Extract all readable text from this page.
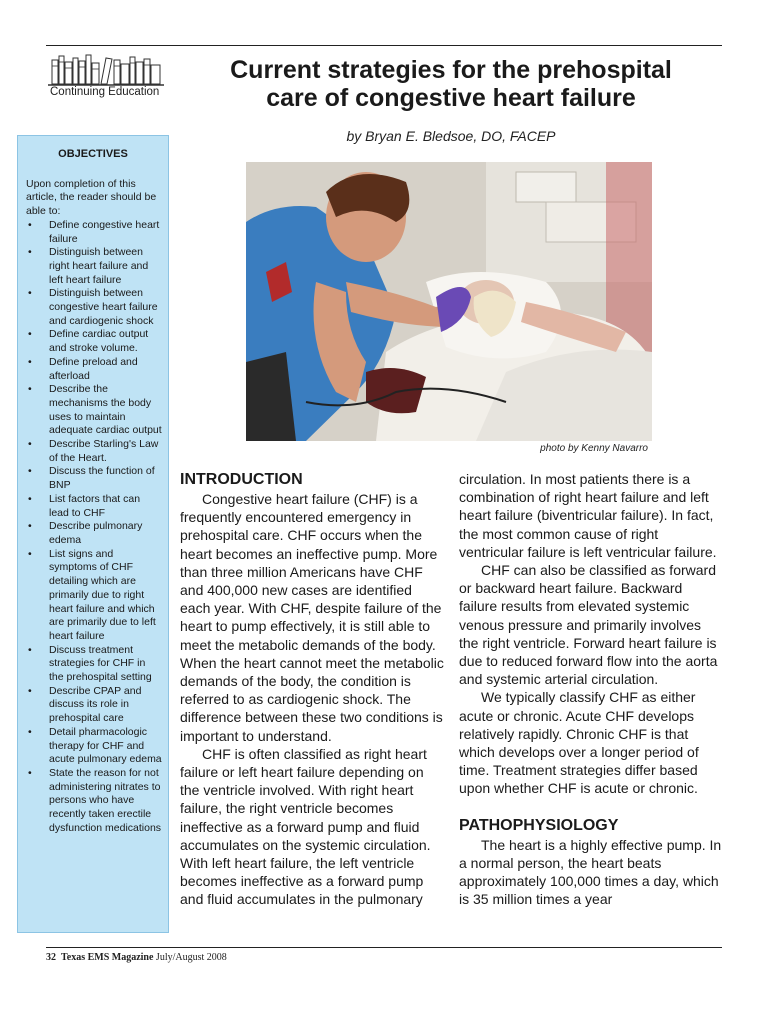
Continuing Education
Current strategies for the prehospital
care of congestive heart failure
by Bryan E. Bledsoe, DO, FACEP
OBJECTIVES
Upon completion of this article, the reader should be able to:
• Define congestive heart failure
• Distinguish between right heart failure and left heart failure
• Distinguish between congestive heart failure and cardiogenic shock
• Define cardiac output and stroke volume.
• Define preload and afterload
• Describe the mechanisms the body uses to maintain adequate cardiac output
• Describe Starling's Law of the Heart.
• Discuss the function of BNP
• List factors that can lead to CHF
• Describe pulmonary edema
• List signs and symptoms of CHF detailing which are primarily due to right heart failure and which are primarily due to left heart failure
• Discuss treatment strategies for CHF in the prehospital setting
• Describe CPAP and discuss its role in prehospital care
• Detail pharmacologic therapy for CHF and acute pulmonary edema
• State the reason for not administering nitrates to persons who have recently taken erectile dysfunction medications
photo by Kenny Navarro
INTRODUCTION

Congestive heart failure (CHF) is a frequently encountered emergency in prehospital care. CHF occurs when the heart becomes an ineffective pump. More than three million Americans have CHF and 400,000 new cases are identified each year. With CHF, despite failure of the heart to pump effectively, it is still able to meet the metabolic demands of the body. When the heart cannot meet the metabolic demands of the body, the condition is referred to as cardiogenic shock. The difference between these two conditions is important to understand.

CHF is often classified as right heart failure or left heart failure depending on the ventricle involved. With right heart failure, the right ventricle becomes ineffective as a forward pump and fluid accumulates on the systemic circulation. With left heart failure, the left ventricle becomes ineffective as a forward pump and fluid accumulates in the pulmonary

circulation. In most patients there is a combination of right heart failure and left heart failure (biventricular failure). In fact, the most common cause of right ventricular failure is left ventricular failure.

CHF can also be classified as forward or backward heart failure. Backward failure results from elevated systemic venous pressure and primarily involves the right ventricle. Forward heart failure is due to reduced forward flow into the aorta and systemic arterial circulation.

We typically classify CHF as either acute or chronic. Acute CHF develops relatively rapidly. Chronic CHF is that which develops over a longer period of time. Treatment strategies differ based upon whether CHF is acute or chronic.

PATHOPHYSIOLOGY

The heart is a highly effective pump. In a normal person, the heart beats approximately 100,000 times a day, which is 35 million times a year

32 Texas EMS Magazine July/August 2008
